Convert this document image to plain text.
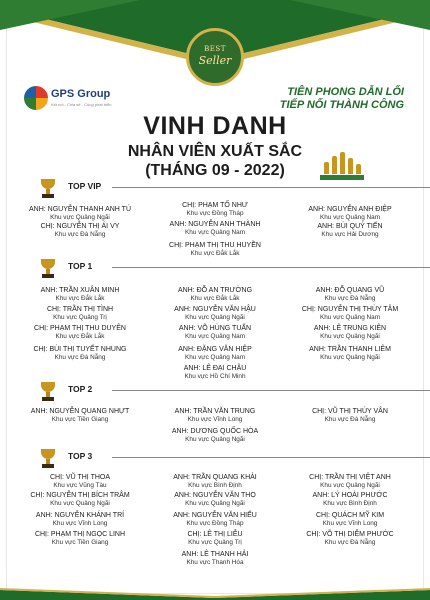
BEST
Seller
GPS Group
Kết nối - Chia sẻ - Cùng phát triển
TIÊN PHONG DẪN LỐI
TIẾP NỐI THÀNH CÔNG
VINH DANH
NHÂN VIÊN XUẤT SẮC
(THÁNG 09 - 2022)
TOP VIP
ANH: NGUYỄN THANH ANH TÚ
Khu vực Quảng Ngãi
CHỊ: PHẠM TỐ NHƯ
Khu vực Đồng Tháp
ANH: NGUYỄN ANH ĐIỆP
Khu vực Quảng Nam
CHỊ: NGUYỄN THỊ ÁI VY
Khu vực Đà Nẵng
ANH: NGUYỄN ANH THÀNH
Khu vực Quảng Nam
ANH: BÙI QUÝ TIẾN
Khu vực Hải Dương
CHỊ: PHẠM THỊ THU HUYỀN
Khu vực Đắk Lắk
TOP 1
ANH: TRẦN XUÂN MINH
Khu vực Đắk Lắk
ANH: ĐỖ AN TRƯỜNG
Khu vực Đắk Lắk
ANH: ĐỖ QUANG VŨ
Khu vực Đà Nẵng
CHỊ: TRẦN THỊ TÌNH
Khu vực Quảng Trị
ANH: NGUYỄN VĂN HẬU
Khu vực Quảng Ngãi
CHỊ: NGUYỄN THỊ THÙY TÂM
Khu vực Quảng Nam
CHỊ: PHẠM THỊ THU DUYÊN
Khu vực Đắk Lắk
ANH: VÕ HÙNG TUẤN
Khu vực Quảng Nam
ANH: LÊ TRUNG KIÊN
Khu vực Quảng Ngãi
CHỊ: BÙI THỊ TUYẾT NHUNG
Khu vực Đà Nẵng
ANH: ĐẶNG VĂN HIỆP
Khu vực Quảng Nam
ANH: TRẦN THANH LIÊM
Khu vực Quảng Ngãi
ANH: LÊ ĐẠI CHÂU
Khu vực Hồ Chí Minh
TOP 2
ANH: NGUYỄN QUANG NHỰT
Khu vực Tiền Giang
ANH: TRẦN VĂN TRUNG
Khu vực Vĩnh Long
CHỊ: VŨ THỊ THÚY VÂN
Khu vực Đà Nẵng
ANH: DƯƠNG QUỐC HÒA
Khu vực Quảng Ngãi
TOP 3
CHỊ: VŨ THỊ THOA
Khu vực Vũng Tàu
ANH: TRẦN QUANG KHẢI
Khu vực Bình Định
CHỊ: TRẦN THỊ VIỆT ANH
Khu vực Quảng Ngãi
CHỊ: NGUYỄN THỊ BÍCH TRÂM
Khu vực Quảng Ngãi
ANH: NGUYỄN VĂN THỌ
Khu vực Quảng Ngãi
ANH: LÝ HOÀI PHƯỚC
Khu vực Bình Định
ANH: NGUYỄN KHÁNH TRÍ
Khu vực Vĩnh Long
ANH: NGUYỄN VĂN HIẾU
Khu vực Đồng Tháp
CHỊ: QUÁCH MỸ KIM
Khu vực Vĩnh Long
CHỊ: PHẠM THỊ NGỌC LINH
Khu vực Tiền Giang
CHỊ: LÊ THỊ LIỄU
Khu vực Quảng Trị
CHỊ: VÕ THỊ DIỄM PHƯỚC
Khu vực Đà Nẵng
ANH: LÊ THANH HẢI
Khu vực Thanh Hóa
